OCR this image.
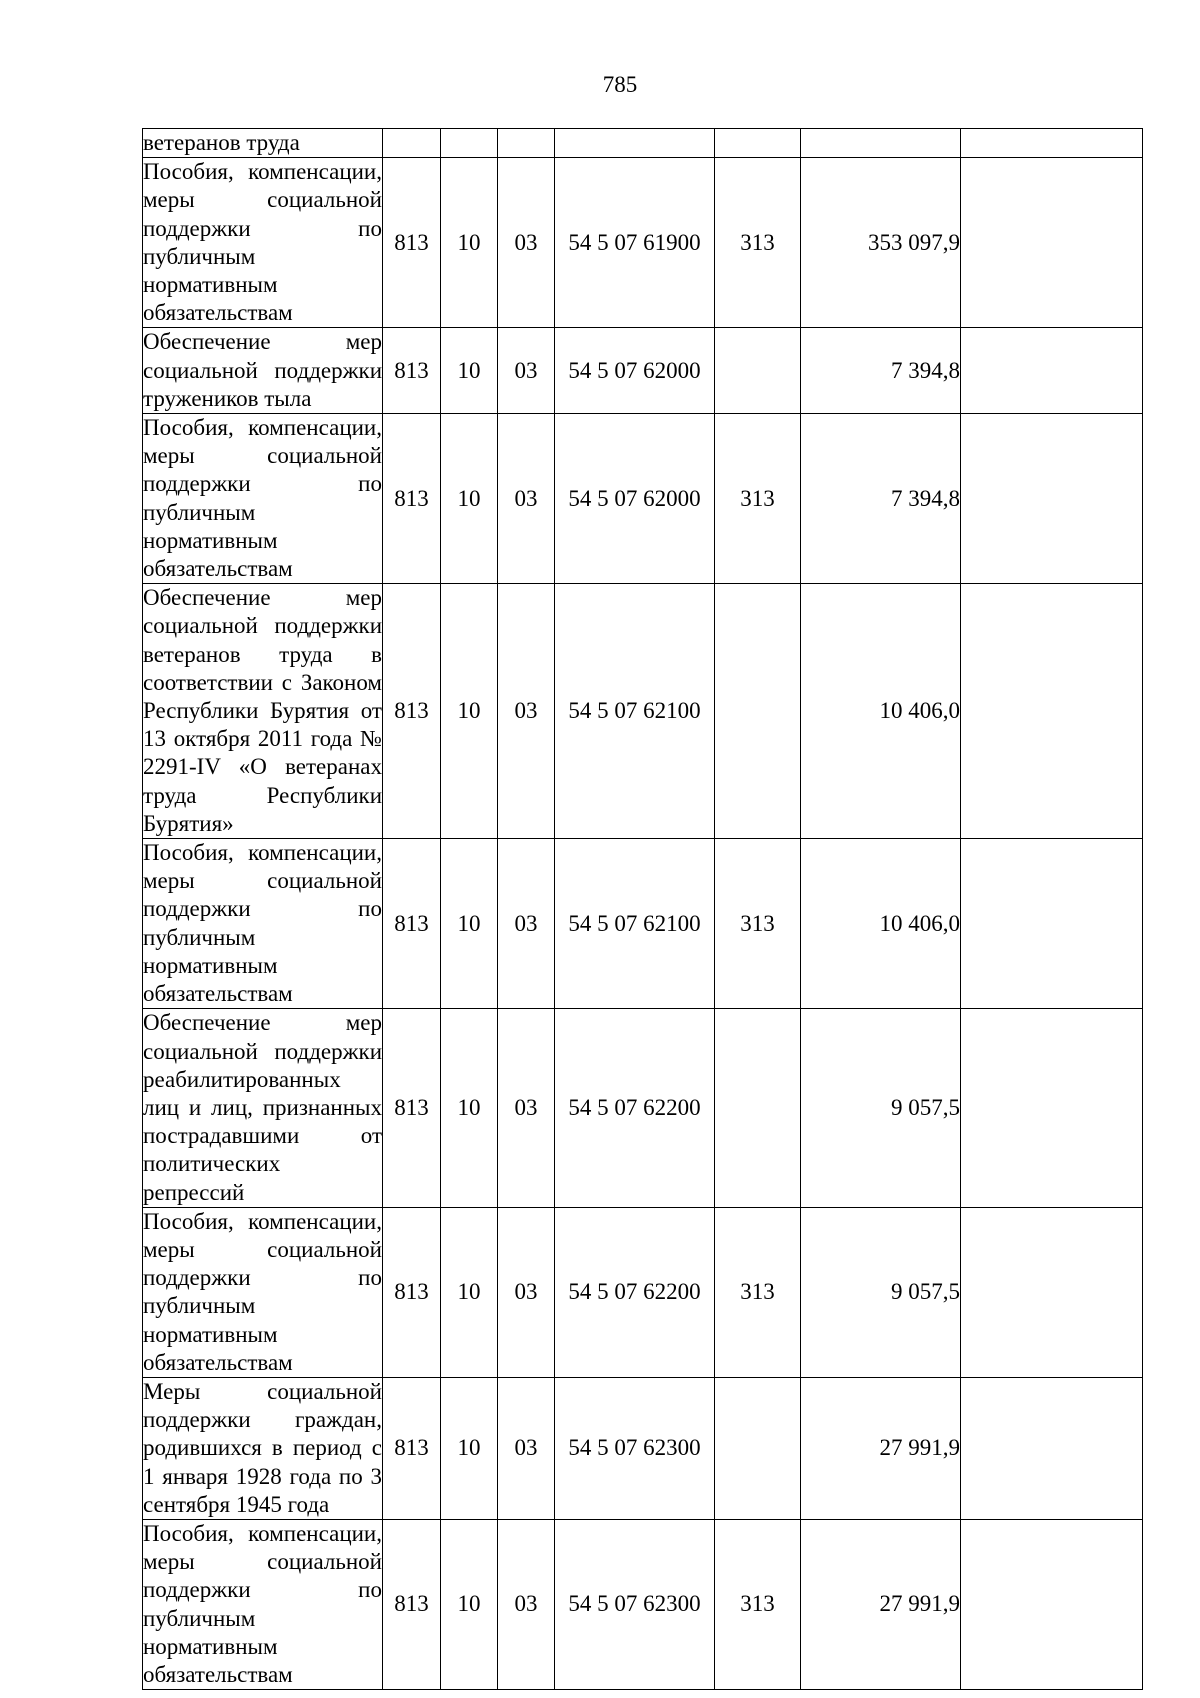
785
ветеранов труда							

Пособия, компенсации, меры социальной поддержки по публичным нормативным обязательствам	813	10	03	54 5 07 61900	313	353 097,9	

Обеспечение мер социальной поддержки тружеников тыла	813	10	03	54 5 07 62000		7 394,8	

Пособия, компенсации, меры социальной поддержки по публичным нормативным обязательствам	813	10	03	54 5 07 62000	313	7 394,8	

Обеспечение мер социальной поддержки ветеранов труда в соответствии с Законом Республики Бурятия от 13 октября 2011 года № 2291-IV «О ветеранах труда Республики Бурятия»	813	10	03	54 5 07 62100		10 406,0	

Пособия, компенсации, меры социальной поддержки по публичным нормативным обязательствам	813	10	03	54 5 07 62100	313	10 406,0	

Обеспечение мер социальной поддержки реабилитированных лиц и лиц, признанных пострадавшими от политических репрессий	813	10	03	54 5 07 62200		9 057,5	

Пособия, компенсации, меры социальной поддержки по публичным нормативным обязательствам	813	10	03	54 5 07 62200	313	9 057,5	

Меры социальной поддержки граждан, родившихся в период с 1 января 1928 года по 3 сентября 1945 года	813	10	03	54 5 07 62300		27 991,9	

Пособия, компенсации, меры социальной поддержки по публичным нормативным обязательствам	813	10	03	54 5 07 62300	313	27 991,9	
